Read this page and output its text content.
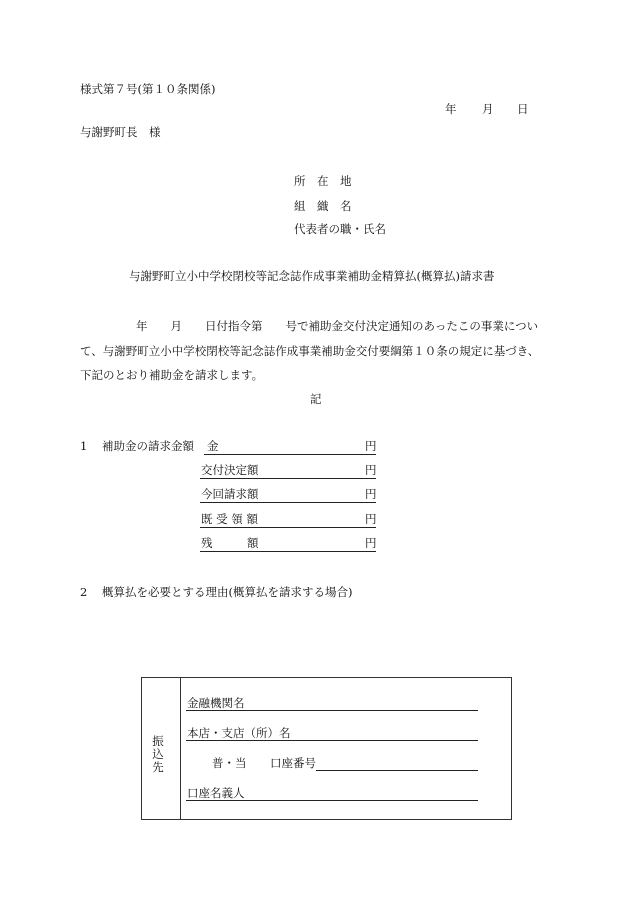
様式第７号(第１０条関係)
年 月 日
与謝野町長　様
所　在　地
組　織　名
代表者の職・氏名
与謝野町立小中学校閉校等記念誌作成事業補助金精算払(概算払)請求書
年　　月　　日付指令第　　号で補助金交付決定通知のあったこの事業につい
て、与謝野町立小中学校閉校等記念誌作成事業補助金交付要綱第１０条の規定に基づき、
下記のとおり補助金を請求します。
記
1 補助金の請求金額 金	円
交付決定額	円
今回請求額	円
既 受 領 額	円
残　　　額	円
2 概算払を必要とする理由(概算払を請求する場合)
振
込
先
金融機関名
本店・支店（所）名
普・当 口座番号
口座名義人
